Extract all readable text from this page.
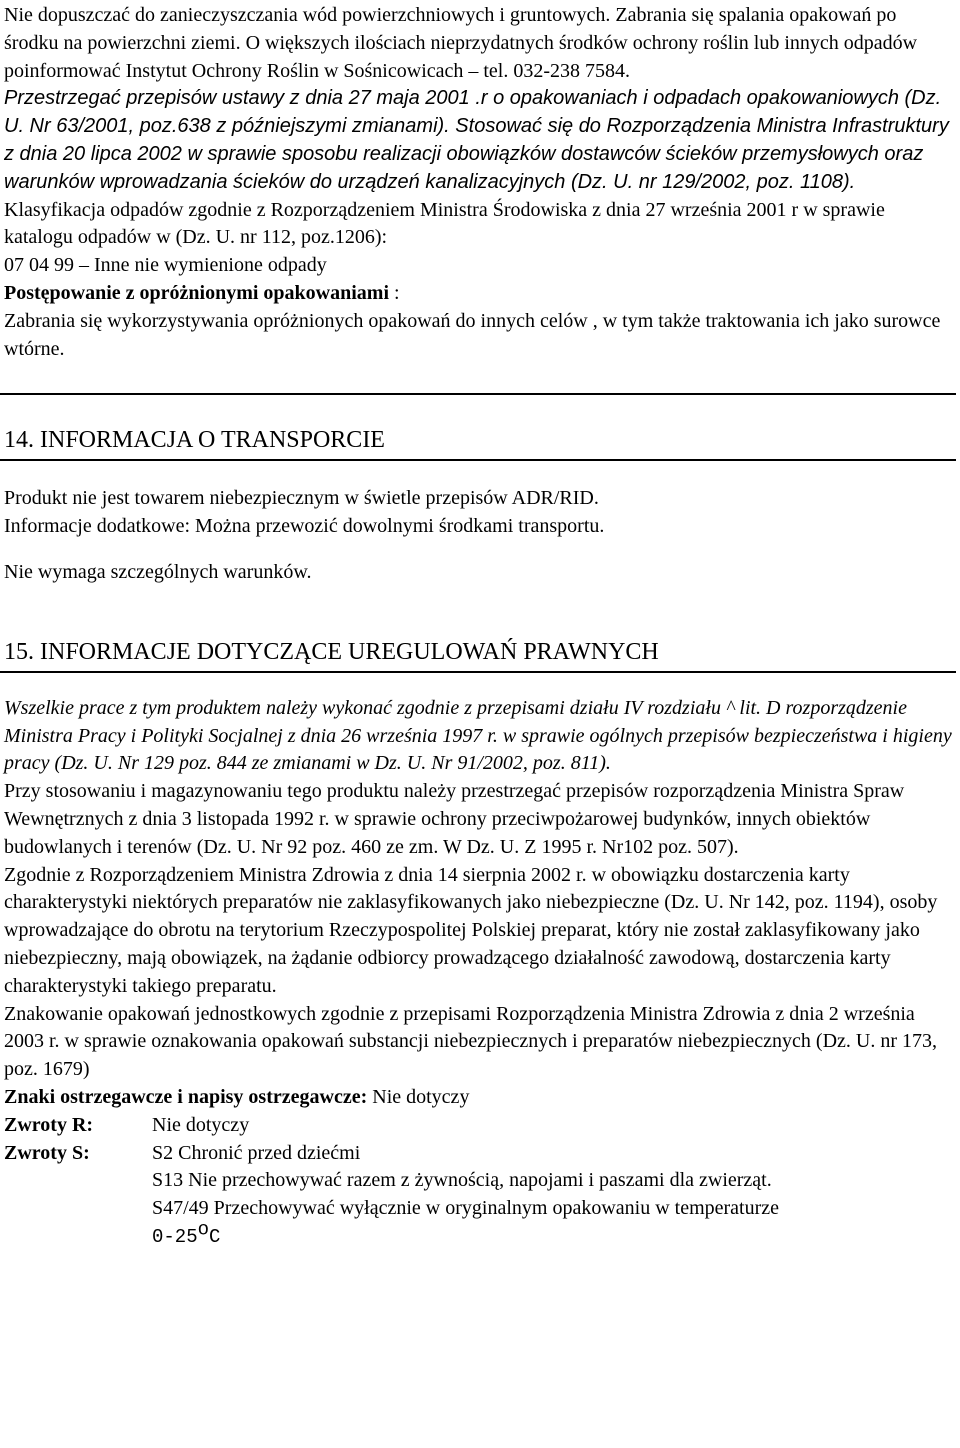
Nie dopuszczać do zanieczyszczania wód powierzchniowych i gruntowych. Zabrania się spalania opakowań po środku na powierzchni ziemi. O większych ilościach nieprzydatnych środków ochrony roślin lub innych odpadów poinformować Instytut Ochrony Roślin w Sośnicowicach – tel. 032-238 7584.

Przestrzegać przepisów ustawy z dnia 27 maja 2001 .r o opakowaniach i odpadach opakowaniowych (Dz. U. Nr 63/2001, poz.638 z późniejszymi zmianami). Stosować się do Rozporządzenia Ministra Infrastruktury z dnia 20 lipca 2002 w sprawie sposobu realizacji obowiązków dostawców ścieków przemysłowych oraz warunków wprowadzania ścieków do urządzeń kanalizacyjnych (Dz. U. nr 129/2002, poz. 1108).

Klasyfikacja odpadów zgodnie z Rozporządzeniem Ministra Środowiska z dnia 27 września 2001 r w sprawie katalogu odpadów w (Dz. U. nr 112, poz.1206):

07 04 99 – Inne nie wymienione odpady

Postępowanie z opróżnionymi opakowaniami :

Zabrania się wykorzystywania opróżnionych opakowań do innych celów , w tym także traktowania ich jako surowce wtórne.

14. INFORMACJA O TRANSPORCIE

Produkt nie jest towarem niebezpiecznym w świetle przepisów ADR/RID.

Informacje dodatkowe: Można przewozić dowolnymi środkami transportu.

Nie wymaga szczególnych warunków.

15. INFORMACJE DOTYCZĄCE UREGULOWAŃ PRAWNYCH

Wszelkie prace z tym produktem należy wykonać zgodnie z przepisami działu IV rozdziału ^ lit. D rozporządzenie Ministra Pracy i Polityki Socjalnej z dnia 26 września 1997 r. w sprawie ogólnych przepisów bezpieczeństwa i higieny pracy (Dz. U. Nr 129 poz. 844 ze zmianami w Dz. U. Nr 91/2002, poz. 811).

Przy stosowaniu i magazynowaniu tego produktu należy przestrzegać przepisów rozporządzenia Ministra Spraw Wewnętrznych z dnia 3 listopada 1992 r. w sprawie ochrony przeciwpożarowej budynków, innych obiektów budowlanych i terenów (Dz. U. Nr 92 poz. 460 ze zm. W Dz. U. Z 1995 r. Nr102 poz. 507).

Zgodnie z Rozporządzeniem Ministra Zdrowia z dnia 14 sierpnia 2002 r. w obowiązku dostarczenia karty charakterystyki niektórych preparatów nie zaklasyfikowanych jako niebezpieczne (Dz. U. Nr 142, poz. 1194), osoby wprowadzające do obrotu na terytorium Rzeczypospolitej Polskiej preparat, który nie został zaklasyfikowany jako niebezpieczny, mają obowiązek, na żądanie odbiorcy prowadzącego działalność zawodową, dostarczenia karty charakterystyki takiego preparatu.

Znakowanie opakowań jednostkowych zgodnie z przepisami Rozporządzenia Ministra Zdrowia z dnia 2 września 2003 r. w sprawie oznakowania opakowań substancji niebezpiecznych i preparatów niebezpiecznych (Dz. U. nr 173, poz. 1679)

Znaki ostrzegawcze i napisy ostrzegawcze: Nie dotyczy

Zwroty R:	Nie dotyczy
Zwroty S:	S2 Chronić przed dziećmi

S13 Nie przechowywać razem z żywnością, napojami i paszami dla zwierząt.

S47/49 Przechowywać wyłącznie w oryginalnym opakowaniu w temperaturze

0-25$^o$C
